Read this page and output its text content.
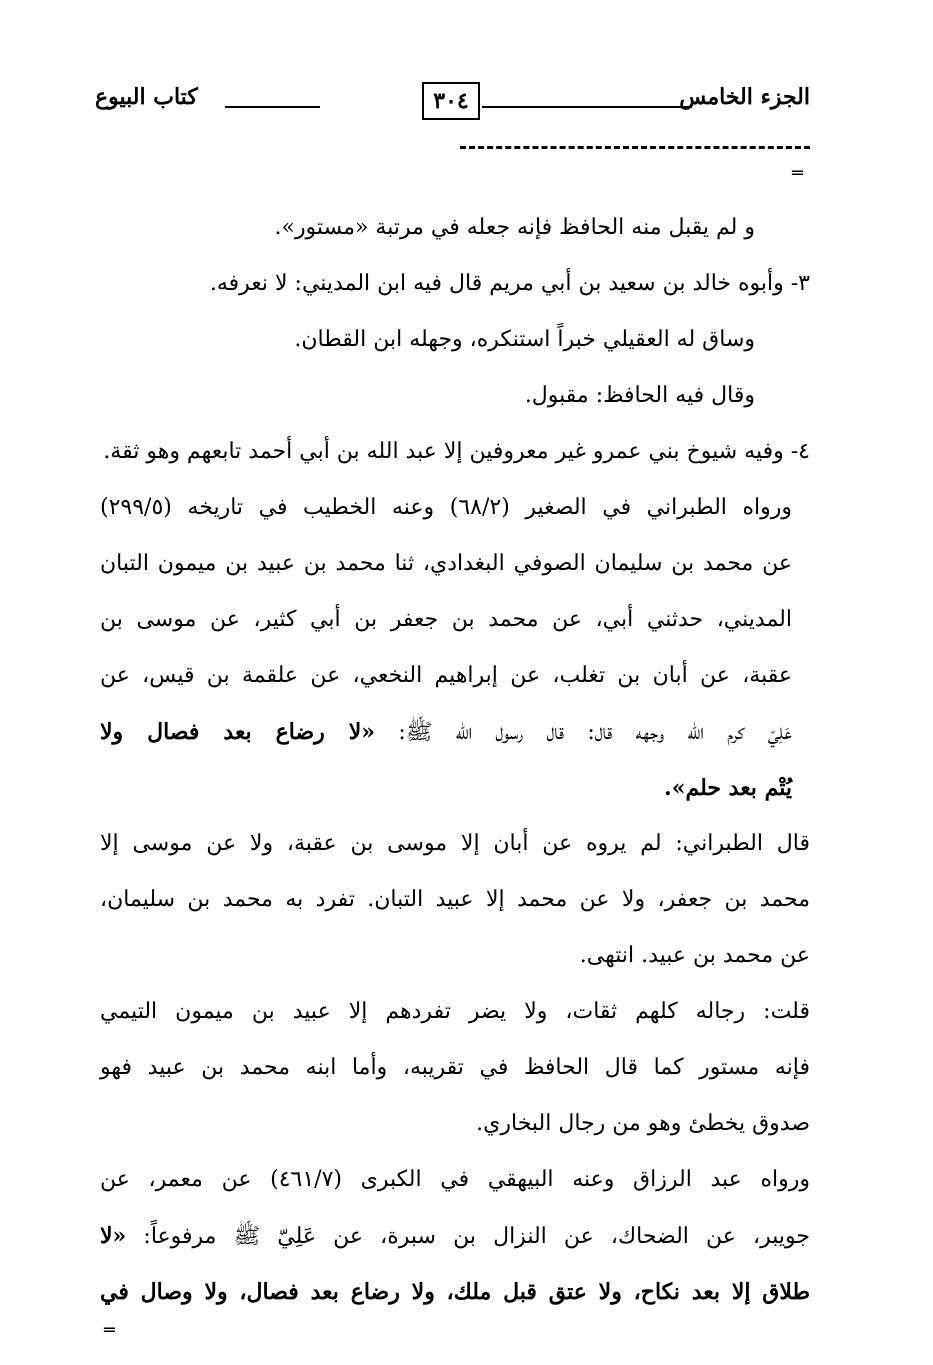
الجزء الخامس
٣٠٤
كتاب البيوع
═
و لم يقبل منه الحافظ فإنه جعله في مرتبة «مستور».
٣- وأبوه خالد بن سعيد بن أبي مريم قال فيه ابن المديني: لا نعرفه.
وساق له العقيلي خبراً استنكره، وجهله ابن القطان.
وقال فيه الحافظ: مقبول.
٤- وفيه شيوخ بني عمرو غير معروفين إلا عبد الله بن أبي أحمد تابعهم وهو ثقة.
ورواه الطبراني في الصغير (٦٨/٢) وعنه الخطيب في تاريخه (٢٩٩/٥)
عن محمد بن سليمان الصوفي البغدادي، ثنا محمد بن عبيد بن ميمون التبان
المديني، حدثني أبي، عن محمد بن جعفر بن أبي كثير، عن موسى بن
عقبة، عن أبان بن تغلب، عن إبراهيم النخعي، عن علقمة بن قيس، عن
عَلِيّ كرم الله وجهه قال: قال رسول الله ﷺ: «لا رضاع بعد فصال ولا
يُتْم بعد حلم».
قال الطبراني: لم يروه عن أبان إلا موسى بن عقبة، ولا عن موسى إلا
محمد بن جعفر، ولا عن محمد إلا عبيد التبان. تفرد به محمد بن سليمان،
عن محمد بن عبيد. انتهى.
قلت: رجاله كلهم ثقات، ولا يضر تفردهم إلا عبيد بن ميمون التيمي
فإنه مستور كما قال الحافظ في تقريبه، وأما ابنه محمد بن عبيد فهو
صدوق يخطئ وهو من رجال البخاري.
ورواه عبد الرزاق وعنه البيهقي في الكبرى (٤٦١/٧) عن معمر، عن
جويبر، عن الضحاك، عن النزال بن سبرة، عن عَلِيّ ﷺ مرفوعاً: «لا
طلاق إلا بعد نكاح، ولا عتق قبل ملك، ولا رضاع بعد فصال، ولا وصال في
═
